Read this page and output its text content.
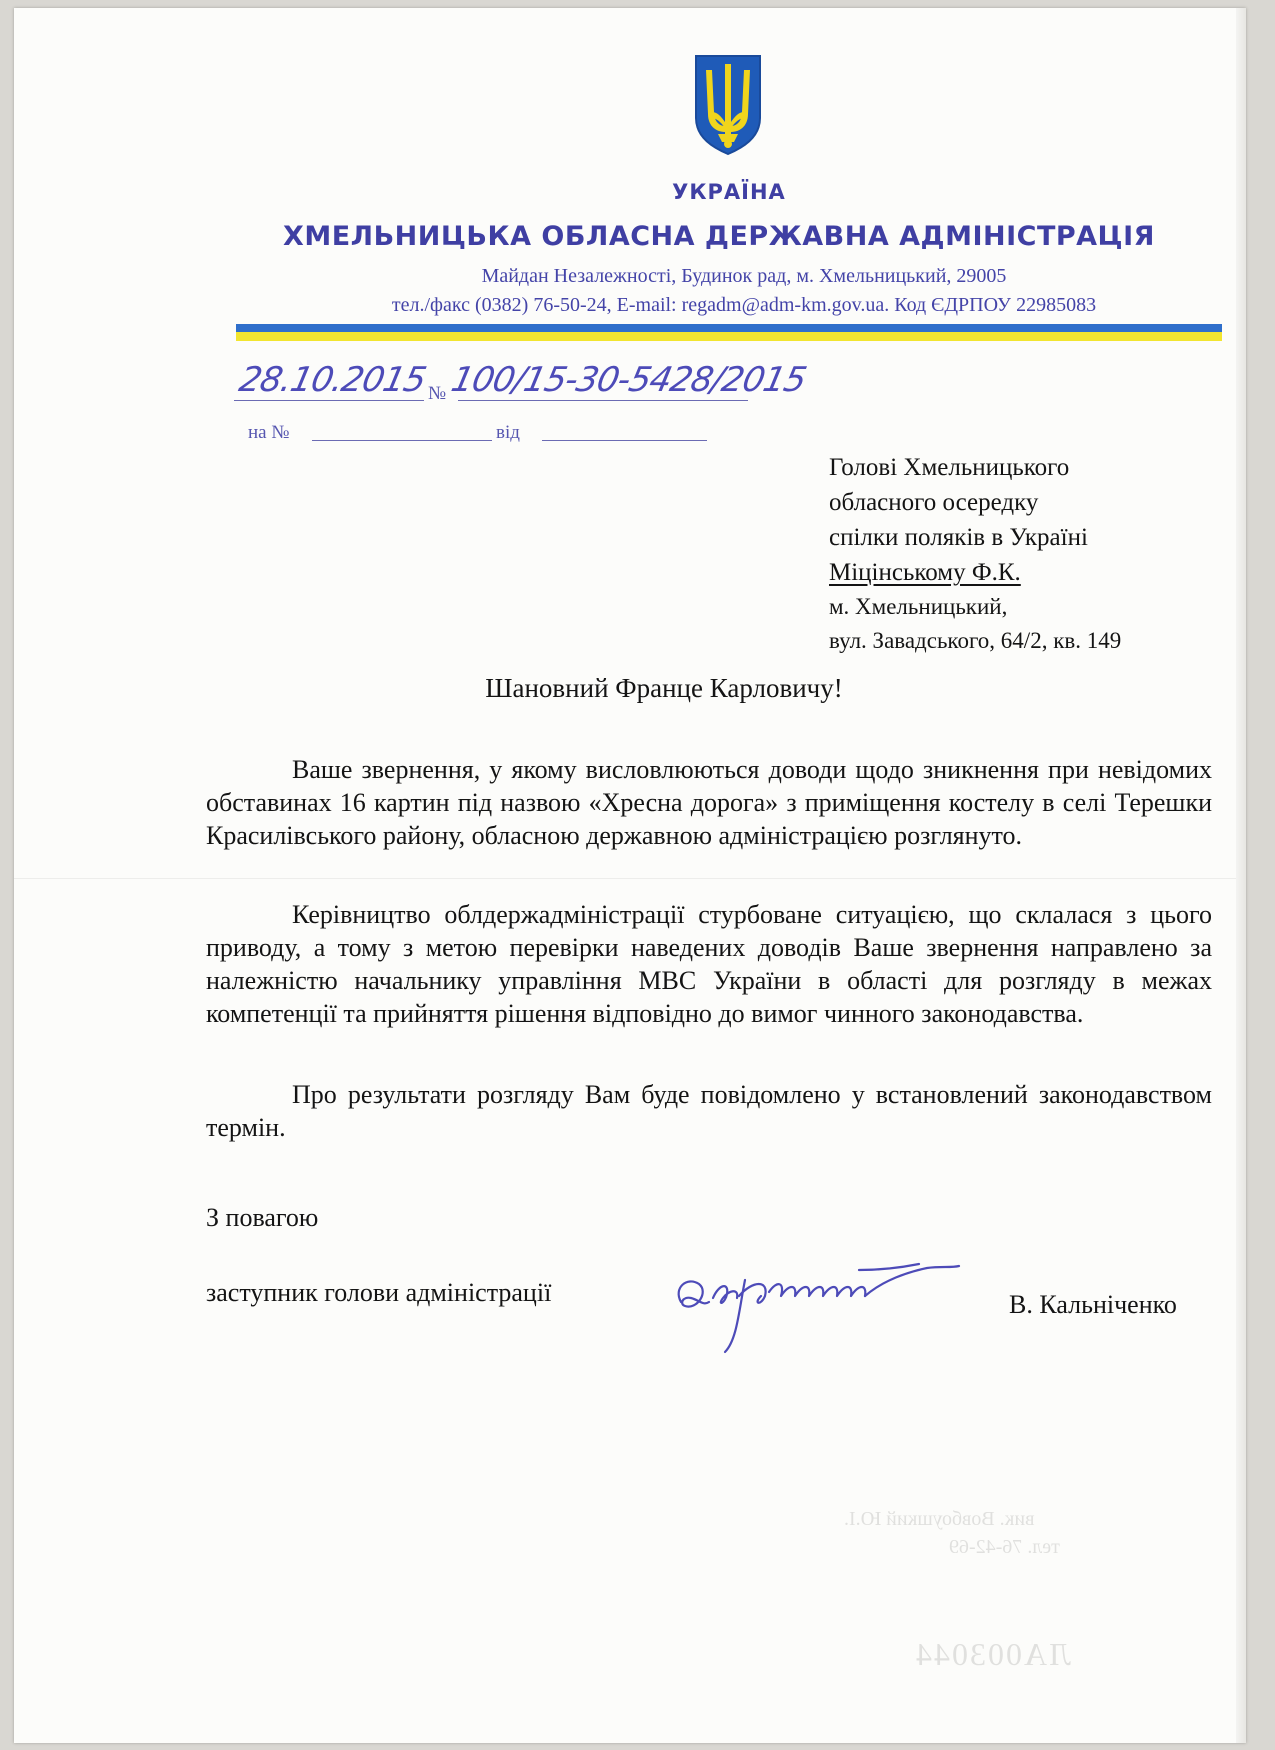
УКРАЇНА
ХМЕЛЬНИЦЬКА ОБЛАСНА ДЕРЖАВНА АДМІНІСТРАЦІЯ
Майдан Незалежності, Будинок рад, м. Хмельницький, 29005
тел./факс (0382) 76-50-24, E-mail: regadm@adm-km.gov.ua. Код ЄДРПОУ 22985083
28.10.2015 № 100/15-30-5428/2015
на №	від
Голові Хмельницького
обласного осередку
спілки поляків в Україні
Міцінському Ф.К.
м. Хмельницький,
вул. Завадського, 64/2, кв. 149
Шановний Франце Карловичу!
Ваше звернення, у якому висловлюються доводи щодо зникнення при невідомих обставинах 16 картин під назвою «Хресна дорога» з приміщення костелу в селі Терешки Красилівського району, обласною державною адміністрацією розглянуто.
Керівництво облдержадміністрації стурбоване ситуацією, що склалася з цього приводу, а тому з метою перевірки наведених доводів Ваше звернення направлено за належністю начальнику управління МВС України в області для розгляду в межах компетенції та прийняття рішення відповідно до вимог чинного законодавства.
Про результати розгляду Вам буде повідомлено у встановлений законодавством термін.
З повагою
заступник голови адміністрації	В. Кальніченко
вик. Вовбоушкий Ю.І.
тел. 76-42-69
ЛА003044
